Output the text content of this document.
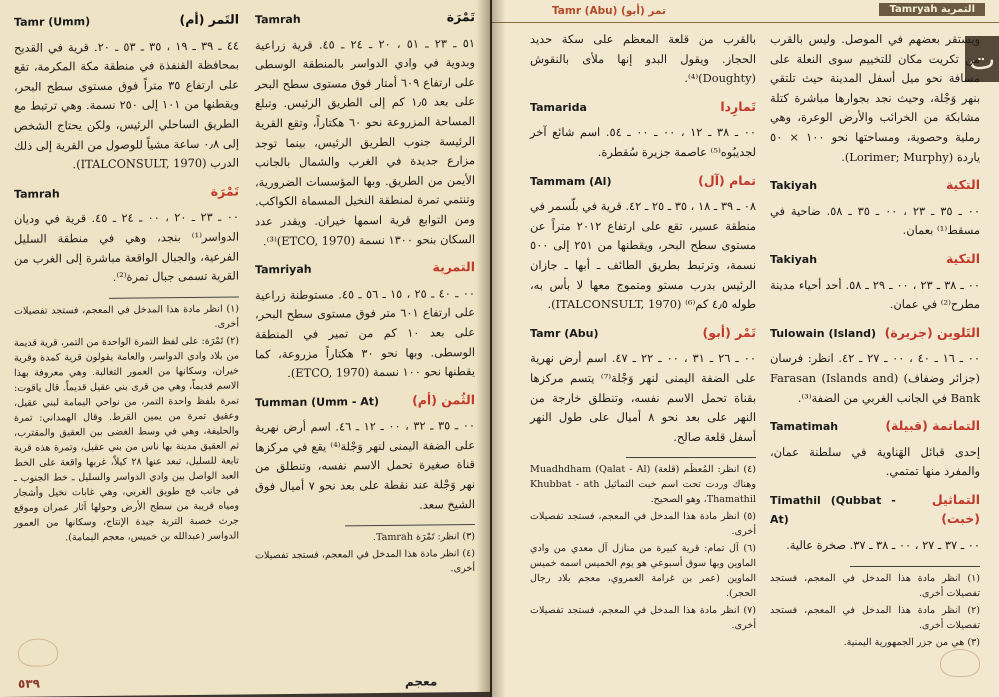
Tamrah	تَمْرَة
٥١ ـ ٢٣ ـ ٥١ ، ٢٠ ـ ٢٤ ـ ٤٥. قرية زراعية وبدوية في وادي الدواسر بالمنطقة الوسطى على ارتفاع ٦٠٩ أمتار فوق مستوى سطح البحر على بعد ١٫٥ كم إلى الطريق الرئيس. وتبلغ المساحة المزروعة نحو ٦٠ هكتاراً، وتقع القرية الرئيسة جنوب الطريق الرئيس، بينما توجد مزارع جديدة في الغرب والشمال بالجانب الأيمن من الطريق. وبها المؤسسات الضرورية، وتنتمي تمرة لمنطقة النخيل المسماة الكواكب. ومن التوابع قرية اسمها خيران. ويقدر عدد السكان بنحو ١٣٠٠ نسمة (ETCO, 1970)⁽³⁾.
Tamriyah	التمرية
٠٠ ـ ٤٠ ـ ٢٥ ، ١٥ ـ ٥٦ ـ ٤٥. مستوطنة زراعية على ارتفاع ٦٠١ متر فوق مستوى سطح البحر، على بعد ١٠ كم من تمير في المنطقة الوسطى. وبها نحو ٣٠ هكتاراً مزروعة، كما يقطنها نحو ١٠٠ نسمة (ETCO, 1970).
Tumman (Umm - At)	الثُمن (أم)
٠٠ ـ ٣٥ ـ ٣٢ ، ٠٠ ـ ١٢ ـ ٤٦. اسم أرض نهرية على الضفة اليمنى لنهر وَجْلة⁽⁴⁾ يقع في مركزها قناة صغيرة تحمل الاسم نفسه، وتنطلق من نهر وَجْلة عند نقطة على بعد نحو ٧ أميال فوق الشيخ سعد.
(٣) انظر: تَمْرَة Tamrah.
(٤) انظر مادة هذا المدخل في المعجم، فستجد تفصيلات أخرى.
Tamr (Umm)	التَمر (أم)
٤٤ ـ ٣٩ ـ ١٩ ، ٣٥ ـ ٥٣ ـ ٢٠. قرية في القديح بمحافظة القنفذة في منطقة مكة المكرمة، تقع على ارتفاع ٣٥ متراً فوق مستوى سطح البحر، ويقطنها من ١٠١ إلى ٢٥٠ نسمة. وهي ترتبط مع الطريق الساحلي الرئيس، ولكن يحتاج الشخص إلى ٠٫٨ ساعة مشياً للوصول من القرية إلى ذلك الدرب (ITALCONSULT, 1970).
Tamrah	تَمْرَة
٠٠ ـ ٢٣ ـ ٢٠ ، ٠٠ ـ ٢٤ ـ ٤٥. قرية في وديان الدواسر⁽¹⁾ بنجد، وهي في منطقة السليل الفرعية، والجبال الواقعة مباشرة إلى الغرب من القرية تسمى جبال تمرة⁽²⁾.
(١) انظر مادة هذا المدخل في المعجم، فستجد تفصيلات أخرى.
(٢) تَمْرَة: على لفظ التمرة الواحدة من التمر، قرية قديمة من بلاد وادي الدواسر، والعامة يقولون قرية كمدة وقرية خيران، وسكانها من العمور التغالبة. وهي معروفة بهذا الاسم قديماً، وهي من قرى بني عقيل قديماً. قال ياقوت: تمرة بلفظ واحدة التمر، من نواحي اليمامة لبني عقيل، وعقيق تمرة من يمين القرط. وقال الهمداني: تمرة والحليفة، وهي في وسط الغضى بين العقيق والمقترب، ثم العقيق مدينة بها ناس من بني عقيل، وتمرة هذه قرية تابعة للسليل، تبعد عنها ٢٨ كيلاً، غربها واقعة على الخط العبد الواصل بين وادي الدواسر والسليل ـ خط الجنوب ـ في جانب فج طويق الغربي، وهي غابات نخيل وأشجار ومياه قريبة من سطح الأرض وحولها آثار عمران وموقع جرث خصبة التربة جيدة الإنتاج، وسكانها من العمور الدواسر (عبدالله بن خميس، معجم اليمامة).
٥٣٩	معجم
Tamr (Abu) تمر (أبو)	Tamryah التمرية
ت
ويستقر بعضهم في الموصل. وليس بالقرب من تكريت مكان للتخييم سوى النعلة على مسافة نحو ميل أسفل المدينة حيث تلتقي بنهر وَجْلة، وحيث نجد بجوارها مباشرة كتلة مشابكة من الخرائب والأرض الوعرة، وهي رملية وحصوية، ومساحتها نحو ١٠٠ × ٥٠ ياردة (Lorimer; Murphy).
Takiyah	التكية
٠٠ ـ ٣٥ ـ ٢٣ ، ٠٠ ـ ٣٥ ـ ٥٨. ضاحية في مسقط⁽¹⁾ بعمان.
Takiyah	التكية
٠٠ ـ ٣٨ ـ ٢٣ ، ٠٠ ـ ٢٩ ـ ٥٨. أحد أحياء مدينة مطرح⁽²⁾ في عمان.
Tulowain (Island) التَلوين (جزيرة)
٠٠ ـ ١٦ ـ ٤٠ ، ٠٠ ـ ٢٧ ـ ٤٢. انظر: فرسان (جزائر وضفاف) (Farasan (Islands and Bank في الجانب الغربي من الضفة⁽³⁾.
Tamatimah	التماتمة (قبيلة)
إحدى قبائل الهَناوية في سلطنة عمان، والمفرد منها تمتمي.
Timathil (Qubbat - At)
التماثيل (خبت)
٠٠ ـ ٣٧ ـ ٢٧ ، ٠٠ ـ ٣٨ ـ ٣٧. صخرة عالية.
(١) انظر مادة هذا المدخل في المعجم، فستجد تفصيلات أخرى.
(٢) انظر مادة هذا المدخل في المعجم، فستجد تفصيلات أخرى.
(٣) هي من جزر الجمهورية اليمنية.
بالقرب من قلعة المعظم على سكة حديد الحجاز. ويقول البدو إنها ملأى بالنقوش (Doughty)⁽⁴⁾.
Tamarida	تَمارِدا
٠٠ ـ ٣٨ ـ ١٢ ، ٠٠ ـ ٠٠ ـ ٥٤. اسم شائع آخر لجديبُوه⁽⁵⁾ عاصمة جزيرة سُقطرة.
Tammam (Al)	تمام (آل)
٠٨ ـ ٣٩ ـ ١٨ ، ٣٥ ـ ٢٥ ـ ٤٢. قرية في بلّسمر في منطقة عسير، تقع على ارتفاع ٢٠١٢ متراً عن مستوى سطح البحر، ويقطنها من ٢٥١ إلى ٥٠٠ نسمة، وترتبط بطريق الطائف ـ أبها ـ جازان الرئيس بدرب مستو ومتموج معها لا بأس به، طوله ٤٫٥ كم⁽⁶⁾ (ITALCONSULT, 1970).
Tamr (Abu)	تَمْر (أبو)
٠٠ ـ ٢٦ ـ ٣١ ، ٠٠ ـ ٢٢ ـ ٤٧. اسم أرض نهرية على الضفة اليمنى لنهر وَجْلة⁽⁷⁾ يتسم مركزها بقناة تحمل الاسم نفسه، وتنطلق خارجة من النهر على بعد نحو ٨ أميال على طول النهر أسفل قلعة صالح.
(٤) انظر: المُعظَم (قلعة) Muadhdham (Qalat - Al) وهناك وردت تحت اسم خبت التماثيل Khubbat - ath Thamathil، وهو الصحيح.
(٥) انظر مادة هذا المدخل في المعجم، فستجد تفصيلات أخرى.
(٦) آل تمام: قرية كبيرة من منازل آل معدي من وادي الماوين وبها سوق أسبوعي هو يوم الخميس اسمه خميس الماوين (عمر بن غرامة العمروي، معجم بلاد رجال الحجر).
(٧) انظر مادة هذا المدخل في المعجم، فستجد تفصيلات أخرى.
